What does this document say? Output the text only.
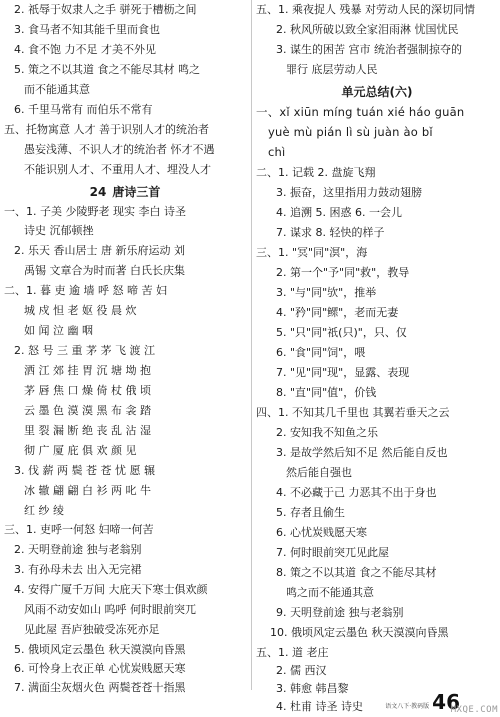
2. 祇辱于奴隶人之手 骈死于槽枥之间
3. 食马者不知其能千里而食也
4. 食不饱 力不足 才美不外见
5. 策之不以其道 食之不能尽其材 鸣之
而不能通其意
6. 千里马常有 而伯乐不常有
五、托物寓意 人才 善于识别人才的统治者
愚妄浅薄、不识人才的统治者 怀才不遇
不能识别人才、不重用人才、埋没人才
24 唐诗三首
一、1. 子美 少陵野老 现实 李白 诗圣
诗史 沉郁顿挫
2. 乐天 香山居士 唐 新乐府运动 刘
禹锡 文章合为时而著 白氏长庆集
二、1. 暮 吏 逾 墙 呼 怒 啼 苦 妇
城 戍 怛 老 妪 役 晨 炊
如 闻 泣 幽 咽
2. 怒 号 三 重 茅 茅 飞 渡 江
洒 江 郊 挂 胃 沉 塘 坳 抱
茅 唇 焦 口 燥 倚 杖 俄 顷
云 墨 色 漠 漠 黑 布 衾 踏
里 裂 漏 断 绝 丧 乱 沾 湿
彻 广 厦 庇 俱 欢 颜 见
3. 伐 薪 两 鬓 苍 苍 忧 愿 辗
冰 辙 翩 翩 白 衫 两 叱 牛
红 纱 绫
三、1. 吏呼一何怒 妇啼一何苦
2. 天明登前途 独与老翁别
3. 有孙母未去 出入无完裙
4. 安得广厦千万间 大庇天下寒士俱欢颜
风雨不动安如山 呜呼 何时眼前突兀
见此屋 吾庐独破受冻死亦足
5. 俄顷风定云墨色 秋天漠漠向昏黑
6. 可怜身上衣正单 心忧炭贱愿天寒
7. 满面尘灰烟火色 两鬓苍苍十指黑
五、1. 乘夜捉人 残暴 对劳动人民的深切同情
2. 秋风所破以致全家泪雨淋 忧国忧民
3. 谋生的困苦 宫市 统治者强制掠夺的
罪行 底层劳动人民
单元总结(六)
一、xǐ xiūn míng tuán xié háo guān
yuè mù pián lì sù juàn ào bǐ
chì
二、1. 记载 2. 盘旋飞翔
3. 振奋，这里指用力鼓动翅膀
4. 追溯 5. 困惑 6. 一会儿
7. 谋求 8. 轻快的样子
三、1. "冥"同"溟"，海
2. 第一个"予"同"救"，教导
3. "与"同"欤"，推举
4. "矜"同"鳏"，老而无妻
5. "只"同"祇(只)"，只、仅
6. "食"同"饲"，喂
7. "见"同"现"，显露、表现
8. "直"同"值"，价钱
四、1. 不知其几千里也 其翼若垂天之云
2. 安知我不知鱼之乐
3. 是故学然后知不足 然后能自反也
然后能自强也
4. 不必藏于己 力恶其不出于身也
5. 存者且偷生
6. 心忧炭贱愿天寒
7. 何时眼前突兀见此屋
8. 策之不以其道 食之不能尽其材
鸣之而不能通其意
9. 天明登前途 独与老翁别
10. 俄顷风定云墨色 秋天漠漠向昏黑
五、1. 道 老庄
2. 儒 西汉
3. 韩愈 韩昌黎
4. 杜甫 诗圣 诗史	语文八下·教码版 46
MXQE.COM
